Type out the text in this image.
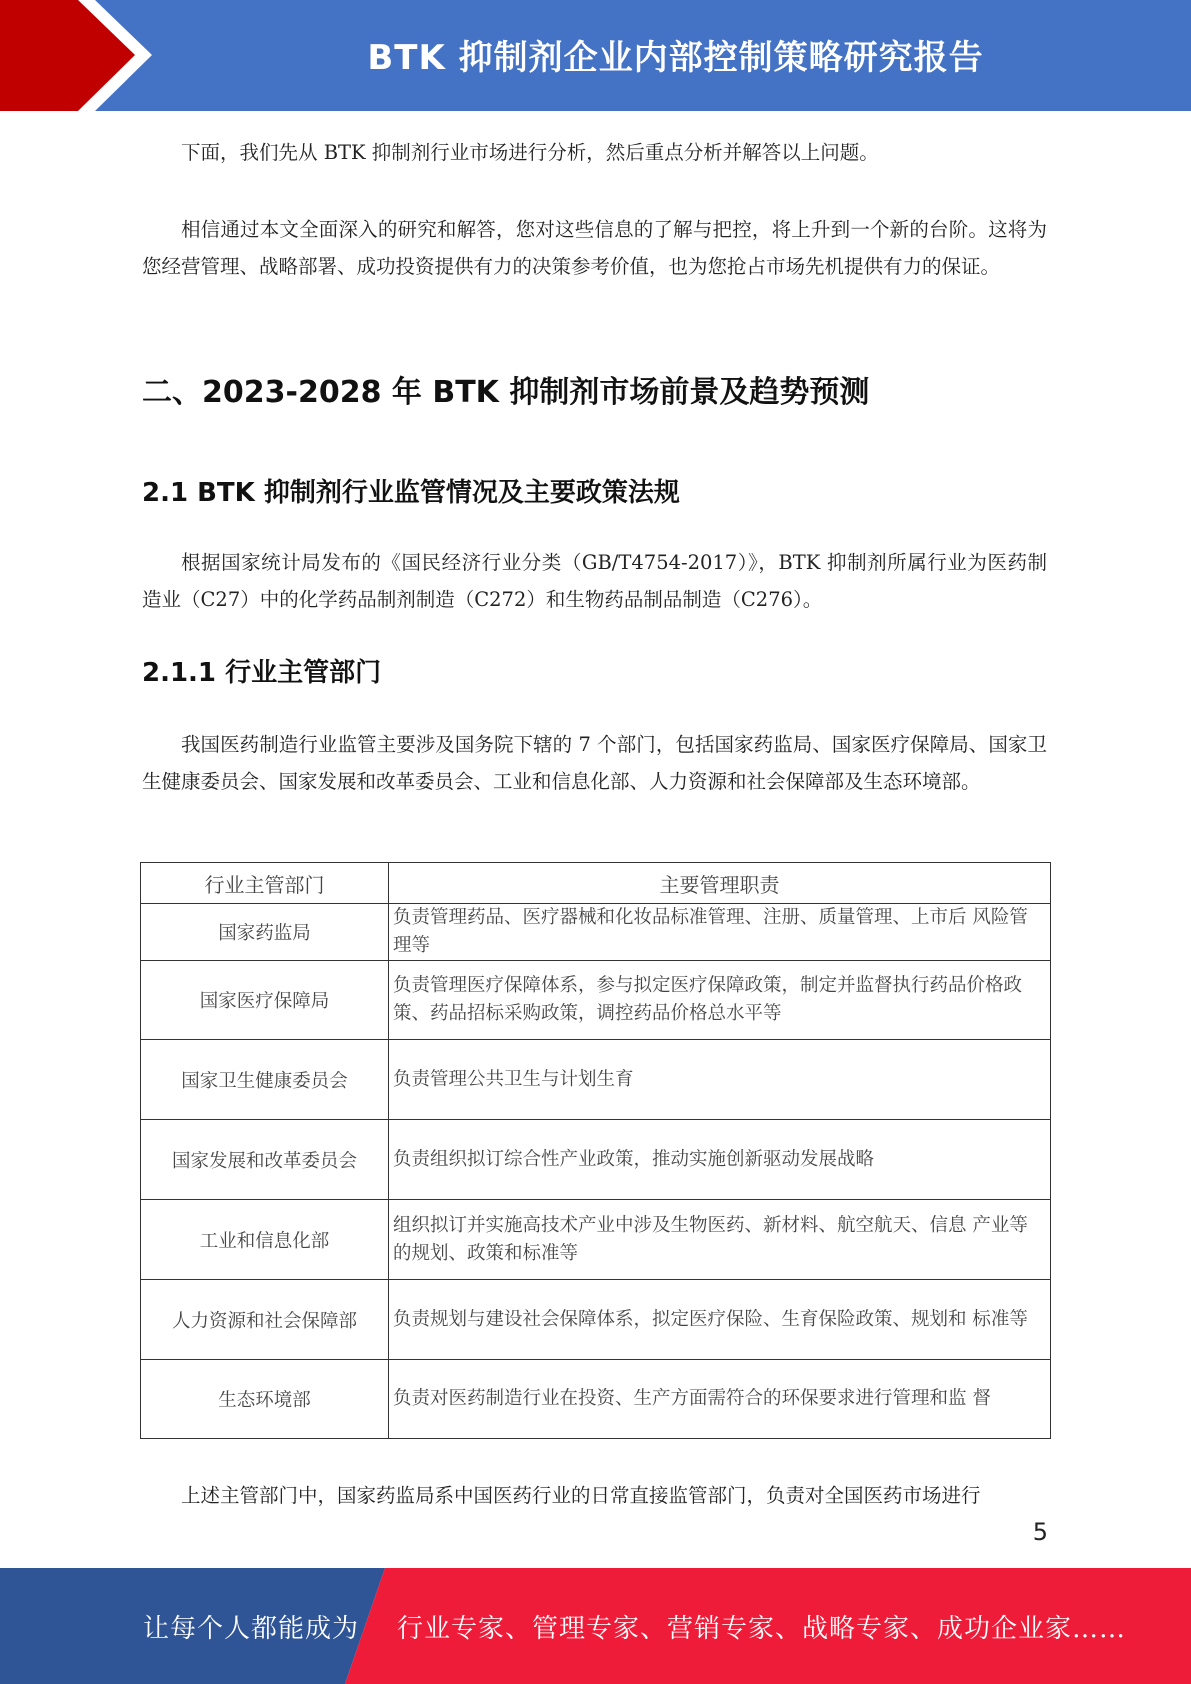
BTK 抑制剂企业内部控制策略研究报告

下面，我们先从 BTK 抑制剂行业市场进行分析，然后重点分析并解答以上问题。

相信通过本文全面深入的研究和解答，您对这些信息的了解与把控，将上升到一个新的台阶。这将为您经营管理、战略部署、成功投资提供有力的决策参考价值，也为您抢占市场先机提供有力的保证。

二、2023-2028 年 BTK 抑制剂市场前景及趋势预测
2.1 BTK 抑制剂行业监管情况及主要政策法规

根据国家统计局发布的《国民经济行业分类（GB/T4754-2017）》，BTK 抑制剂所属行业为医药制造业（C27）中的化学药品制剂制造（C272）和生物药品制品制造（C276）。

2.1.1 行业主管部门

我国医药制造行业监管主要涉及国务院下辖的 7 个部门，包括国家药监局、国家医疗保障局、国家卫生健康委员会、国家发展和改革委员会、工业和信息化部、人力资源和社会保障部及生态环境部。

上述主管部门中，国家药监局系中国医药行业的日常直接监管部门，负责对全国医药市场进行

行业主管部门	主要管理职责
国家药监局	负责管理药品、医疗器械和化妆品标准管理、注册、质量管理、上市后 风险管理等
国家医疗保障局	负责管理医疗保障体系，参与拟定医疗保障政策，制定并监督执行药品价格政策、药品招标采购政策，调控药品价格总水平等
国家卫生健康委员会	负责管理公共卫生与计划生育
国家发展和改革委员会	负责组织拟订综合性产业政策，推动实施创新驱动发展战略
工业和信息化部	组织拟订并实施高技术产业中涉及生物医药、新材料、航空航天、信息 产业等的规划、政策和标准等
人力资源和社会保障部	负责规划与建设社会保障体系，拟定医疗保险、生育保险政策、规划和 标准等
生态环境部	负责对医药制造行业在投资、生产方面需符合的环保要求进行管理和监 督
5
让每个人都能成为 行业专家、管理专家、营销专家、战略专家、成功企业家……
